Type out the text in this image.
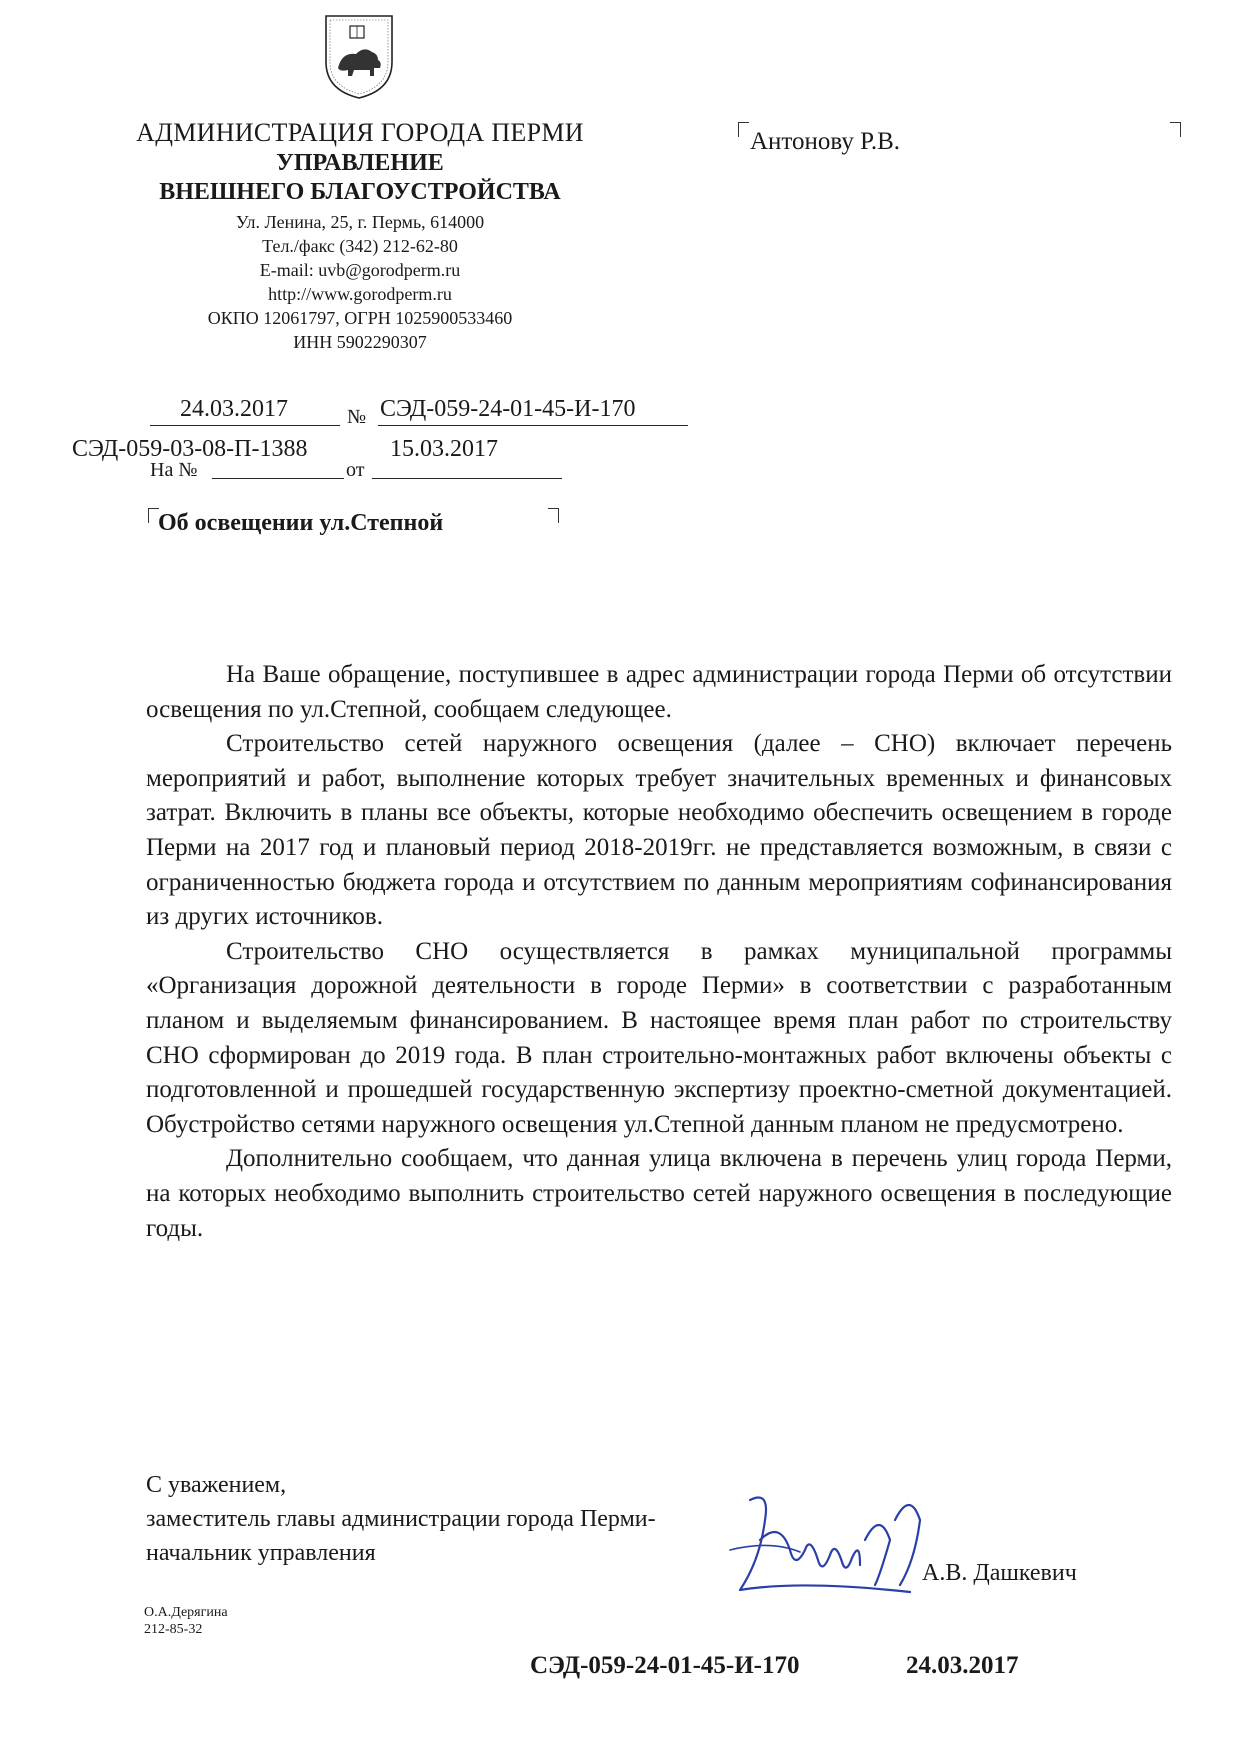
АДМИНИСТРАЦИЯ ГОРОДА ПЕРМИ
УПРАВЛЕНИЕ
ВНЕШНЕГО БЛАГОУСТРОЙСТВА
Ул. Ленина, 25, г. Пермь, 614000
Тел./факс (342) 212-62-80
E-mail: uvb@gorodperm.ru
http://www.gorodperm.ru
ОКПО 12061797, ОГРН 1025900533460
ИНН 5902290307
Антонову Р.В.
24.03.2017	№ СЭД-059-24-01-45-И-170
СЭД-059-03-08-П-1388	15.03.2017
На №	от
Об освещении ул.Степной

На Ваше обращение, поступившее в адрес администрации города Перми об отсутствии освещения по ул.Степной, сообщаем следующее.

Строительство сетей наружного освещения (далее – СНО) включает перечень мероприятий и работ, выполнение которых требует значительных временных и финансовых затрат. Включить в планы все объекты, которые необходимо обеспечить освещением в городе Перми на 2017 год и плановый период 2018-2019гг. не представляется возможным, в связи с ограниченностью бюджета города и отсутствием по данным мероприятиям софинансирования из других источников.

Строительство СНО осуществляется в рамках муниципальной программы «Организация дорожной деятельности в городе Перми» в соответствии с разработанным планом и выделяемым финансированием. В настоящее время план работ по строительству СНО сформирован до 2019 года. В план строительно-монтажных работ включены объекты с подготовленной и прошедшей государственную экспертизу проектно-сметной документацией. Обустройство сетями наружного освещения ул.Степной данным планом не предусмотрено.

Дополнительно сообщаем, что данная улица включена в перечень улиц города Перми, на которых необходимо выполнить строительство сетей наружного освещения в последующие годы.

С уважением,
заместитель главы администрации города Перми-
начальник управления
А.В. Дашкевич
О.А.Дерягина
212-85-32
СЭД-059-24-01-45-И-170	24.03.2017
